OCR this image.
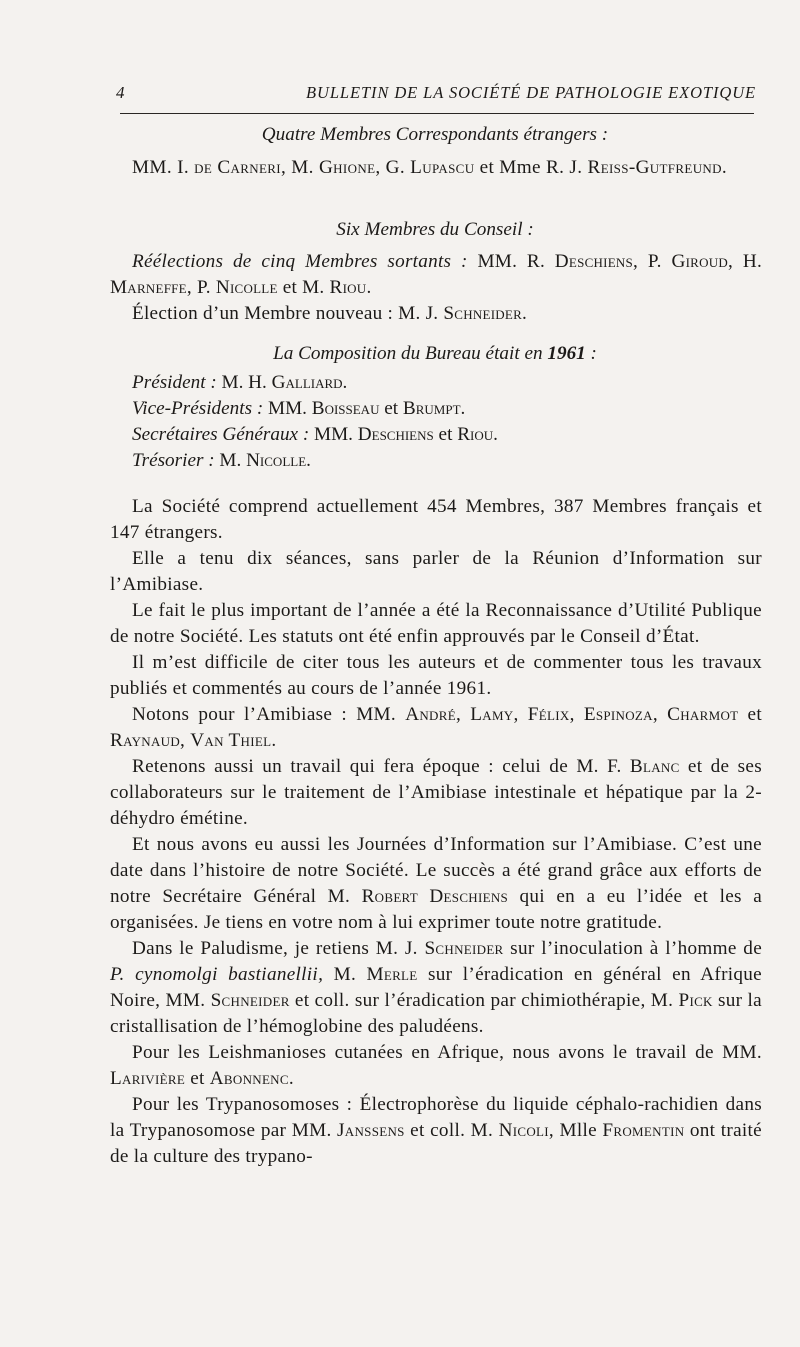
4	BULLETIN DE LA SOCIÉTÉ DE PATHOLOGIE EXOTIQUE

Quatre Membres Correspondants étrangers :

MM. I. de Carneri, M. Ghione, G. Lupascu et Mme R. J. Reiss-Gutfreund.

Six Membres du Conseil :

Réélections de cinq Membres sortants : MM. R. Deschiens, P. Giroud, H. Marneffe, P. Nicolle et M. Riou.

Élection d’un Membre nouveau : M. J. Schneider.

La Composition du Bureau était en 1961 :

Président : M. H. Galliard.

Vice-Présidents : MM. Boisseau et Brumpt.

Secrétaires Généraux : MM. Deschiens et Riou.

Trésorier : M. Nicolle.

La Société comprend actuellement 454 Membres, 387 Membres français et 147 étrangers.

Elle a tenu dix séances, sans parler de la Réunion d’Information sur l’Amibiase.

Le fait le plus important de l’année a été la Reconnaissance d’Utilité Publique de notre Société. Les statuts ont été enfin approuvés par le Conseil d’État.

Il m’est difficile de citer tous les auteurs et de commenter tous les travaux publiés et commentés au cours de l’année 1961.

Notons pour l’Amibiase : MM. André, Lamy, Félix, Espinoza, Charmot et Raynaud, Van Thiel.

Retenons aussi un travail qui fera époque : celui de M. F. Blanc et de ses collaborateurs sur le traitement de l’Amibiase intestinale et hépatique par la 2-déhydro émétine.

Et nous avons eu aussi les Journées d’Information sur l’Amibiase. C’est une date dans l’histoire de notre Société. Le succès a été grand grâce aux efforts de notre Secrétaire Général M. Robert Deschiens qui en a eu l’idée et les a organisées. Je tiens en votre nom à lui exprimer toute notre gratitude.

Dans le Paludisme, je retiens M. J. Schneider sur l’inoculation à l’homme de P. cynomolgi bastianellii, M. Merle sur l’éradication en général en Afrique Noire, MM. Schneider et coll. sur l’éradication par chimiothérapie, M. Pick sur la cristallisation de l’hémoglobine des paludéens.

Pour les Leishmanioses cutanées en Afrique, nous avons le travail de MM. Larivière et Abonnenc.

Pour les Trypanosomoses : Électrophorèse du liquide céphalo-rachidien dans la Trypanosomose par MM. Janssens et coll. M. Nicoli, Mlle Fromentin ont traité de la culture des trypano-
